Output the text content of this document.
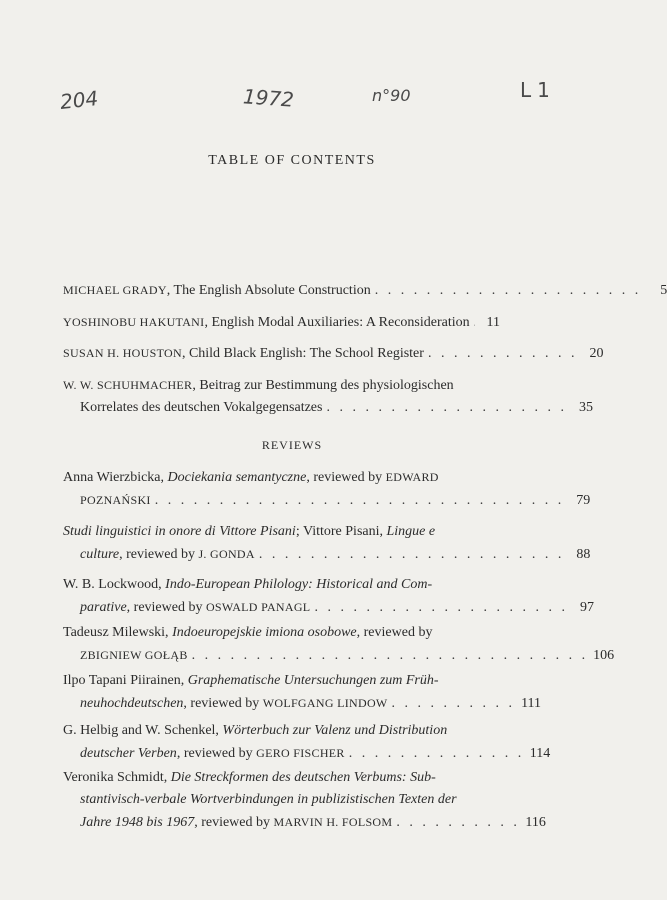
204	1972	n°90	L1
TABLE OF CONTENTS
MICHAEL GRADY, The English Absolute Construction . . . . . . . . . . . . . . . . . . . . .	5
YOSHINOBU HAKUTANI, English Modal Auxiliaries: A Reconsideration	11
SUSAN H. HOUSTON, Child Black English: The School Register . . . . . . . . . . . . 20
W. W. SCHUHMACHER, Beitrag zur Bestimmung des physiologischen
Korrelates des deutschen Vokalgegensatzes . . . . . . . . . . . . . . . . . . . 35
REVIEWS
Anna Wierzbicka, Dociekania semantyczne, reviewed by EDWARD
POZNAŃSKI . . . . . . . . . . . . . . . . . . . . . . . . . . . . . . . . 79
Studi linguistici in onore di Vittore Pisani; Vittore Pisani, Lingue e
culture, reviewed by J. GONDA . . . . . . . . . . . . . . . . . . . . . . . . 88
W. B. Lockwood, Indo-European Philology: Historical and Com-
parative, reviewed by OSWALD PANAGL . . . . . . . . . . . . . . . . . . . . 97
Tadeusz Milewski, Indoeuropejskie imiona osobowe, reviewed by
ZBIGNIEW GOŁĄB . . . . . . . . . . . . . . . . . . . . . . . . . . . . . . . 106
Ilpo Tapani Piirainen, Graphematische Untersuchungen zum Früh-
neuhochdeutschen, reviewed by WOLFGANG LINDOW . . . . . . . . . . 111
G. Helbig and W. Schenkel, Wörterbuch zur Valenz und Distribution
deutscher Verben, reviewed by GERO FISCHER . . . . . . . . . . . . . . 114
Veronika Schmidt, Die Streckformen des deutschen Verbums: Sub-
stantivisch-verbale Wortverbindungen in publizistischen Texten der
Jahre 1948 bis 1967, reviewed by MARVIN H. FOLSOM . . . . . . . . . . 116
